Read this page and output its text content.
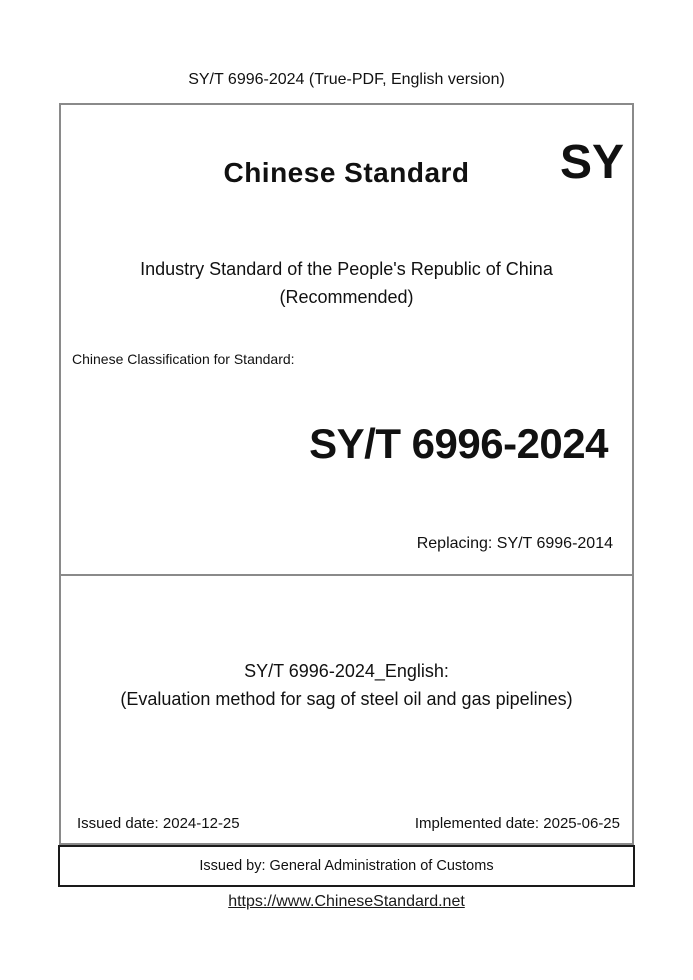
SY/T 6996-2024 (True-PDF, English version)
Chinese Standard	SY
Industry Standard of the People's Republic of China
(Recommended)
Chinese Classification for Standard:
SY/T 6996-2024
Replacing: SY/T 6996-2014
SY/T 6996-2024_English:
(Evaluation method for sag of steel oil and gas pipelines)
Issued date: 2024-12-25	Implemented date: 2025-06-25
Issued by: General Administration of Customs
https://www.ChineseStandard.net
